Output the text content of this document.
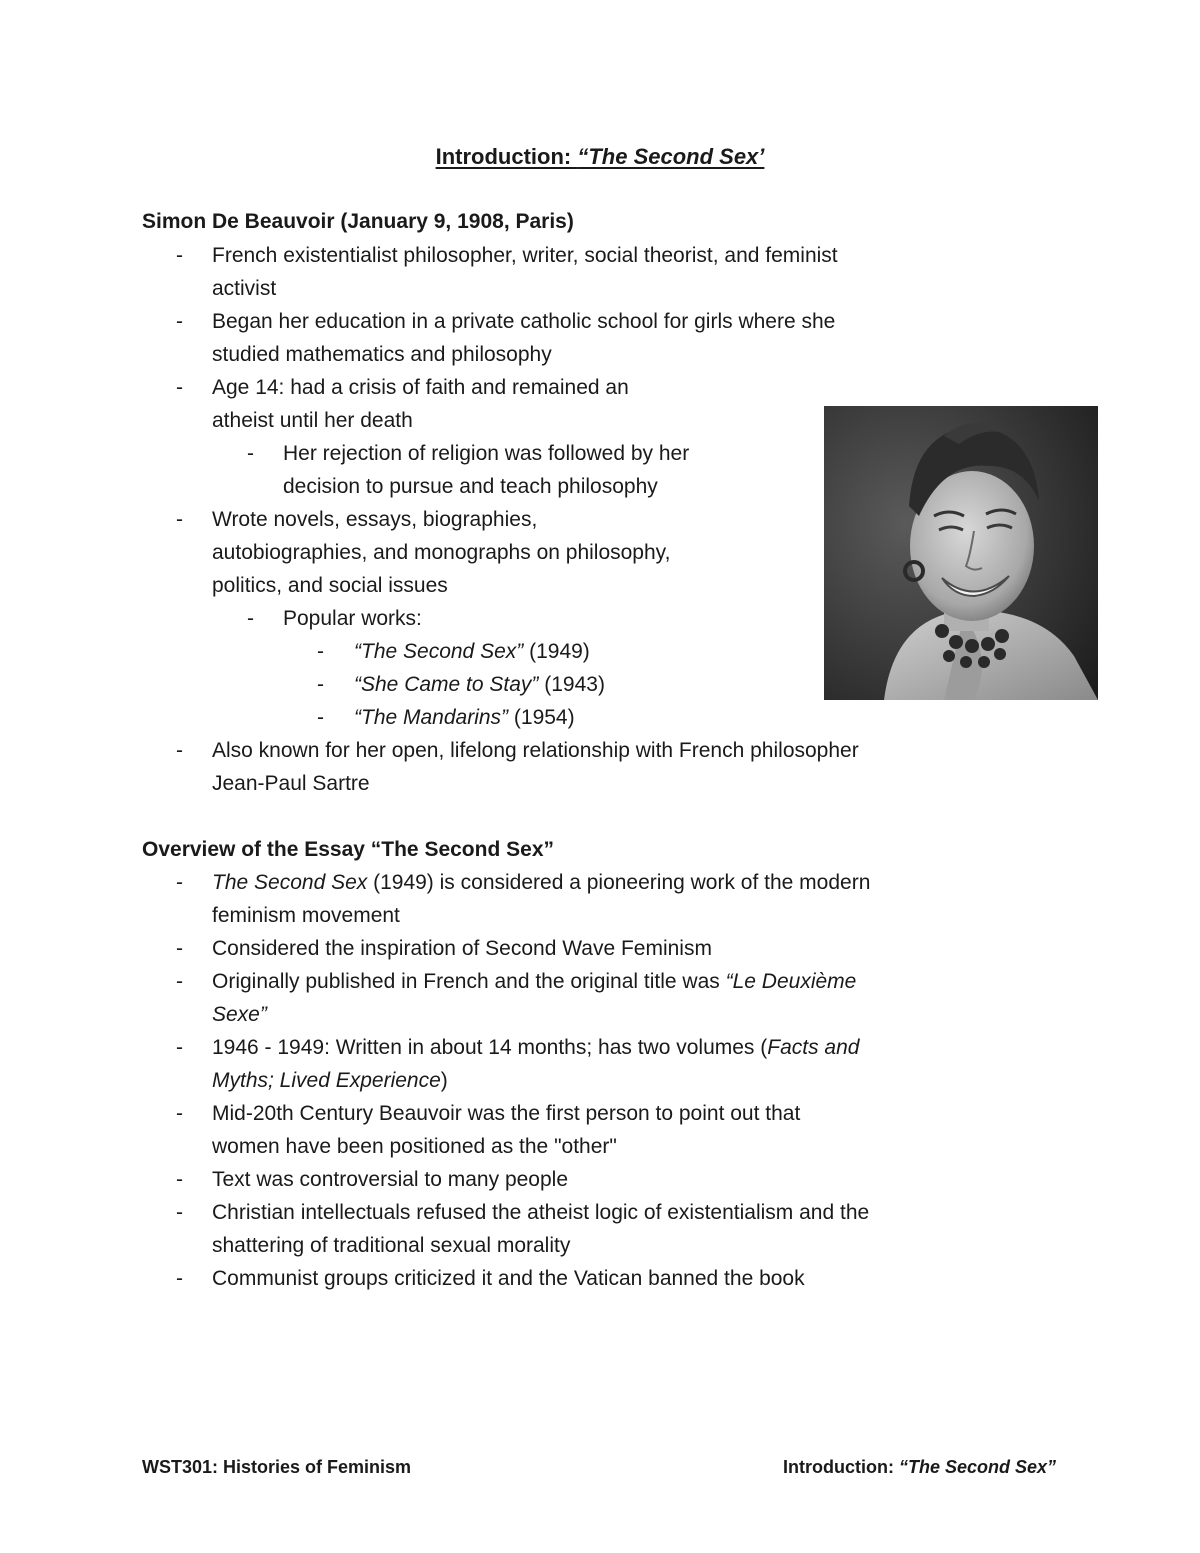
Introduction: “The Second Sex’
Simon De Beauvoir (January 9, 1908, Paris)
- French existentialist philosopher, writer, social theorist, and feminist
activist
- Began her education in a private catholic school for girls where she
studied mathematics and philosophy
- Age 14: had a crisis of faith and remained an
atheist until her death
- Her rejection of religion was followed by her
decision to pursue and teach philosophy
- Wrote novels, essays, biographies,
autobiographies, and monographs on philosophy,
politics, and social issues
- Popular works:
- “The Second Sex” (1949)
- “She Came to Stay” (1943)
- “The Mandarins” (1954)
- Also known for her open, lifelong relationship with French philosopher
Jean-Paul Sartre
Overview of the Essay “The Second Sex”
- The Second Sex (1949) is considered a pioneering work of the modern
feminism movement
- Considered the inspiration of Second Wave Feminism
- Originally published in French and the original title was “Le Deuxième
Sexe”
- 1946 - 1949: Written in about 14 months; has two volumes (Facts and
Myths; Lived Experience)
- Mid-20th Century Beauvoir was the first person to point out that
women have been positioned as the "other"
- Text was controversial to many people
- Christian intellectuals refused the atheist logic of existentialism and the
shattering of traditional sexual morality
- Communist groups criticized it and the Vatican banned the book
WST301: Histories of Feminism	Introduction: “The Second Sex”
